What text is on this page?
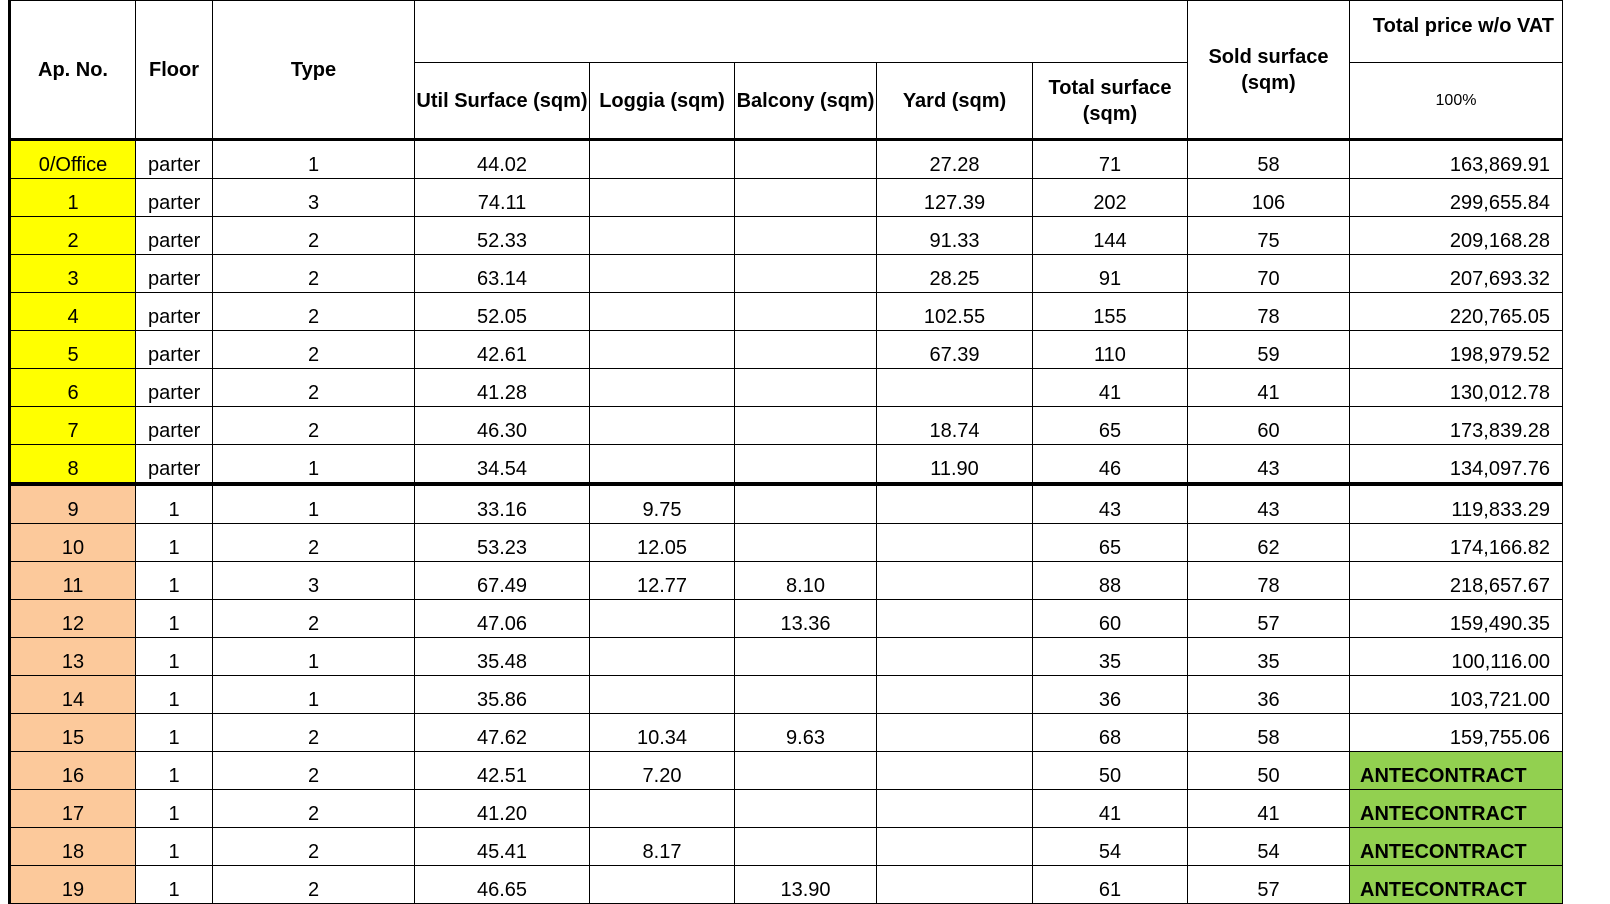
Ap. No.	Floor	Type						Sold surface (sqm)	Total price w/o VAT
			Util Surface (sqm)	Loggia (sqm)	Balcony (sqm)	Yard (sqm)	Total surface (sqm)		100%
0/Office	parter	1	44.02			27.28	71	58	163,869.91
1	parter	3	74.11			127.39	202	106	299,655.84
2	parter	2	52.33			91.33	144	75	209,168.28
3	parter	2	63.14			28.25	91	70	207,693.32
4	parter	2	52.05			102.55	155	78	220,765.05
5	parter	2	42.61			67.39	110	59	198,979.52
6	parter	2	41.28				41	41	130,012.78
7	parter	2	46.30			18.74	65	60	173,839.28
8	parter	1	34.54			11.90	46	43	134,097.76
9	1	1	33.16	9.75			43	43	119,833.29
10	1	2	53.23	12.05			65	62	174,166.82
11	1	3	67.49	12.77	8.10		88	78	218,657.67
12	1	2	47.06		13.36		60	57	159,490.35
13	1	1	35.48				35	35	100,116.00
14	1	1	35.86				36	36	103,721.00
15	1	2	47.62	10.34	9.63		68	58	159,755.06
16	1	2	42.51	7.20			50	50	ANTECONTRACT
17	1	2	41.20				41	41	ANTECONTRACT
18	1	2	45.41	8.17			54	54	ANTECONTRACT
19	1	2	46.65		13.90		61	57	ANTECONTRACT
